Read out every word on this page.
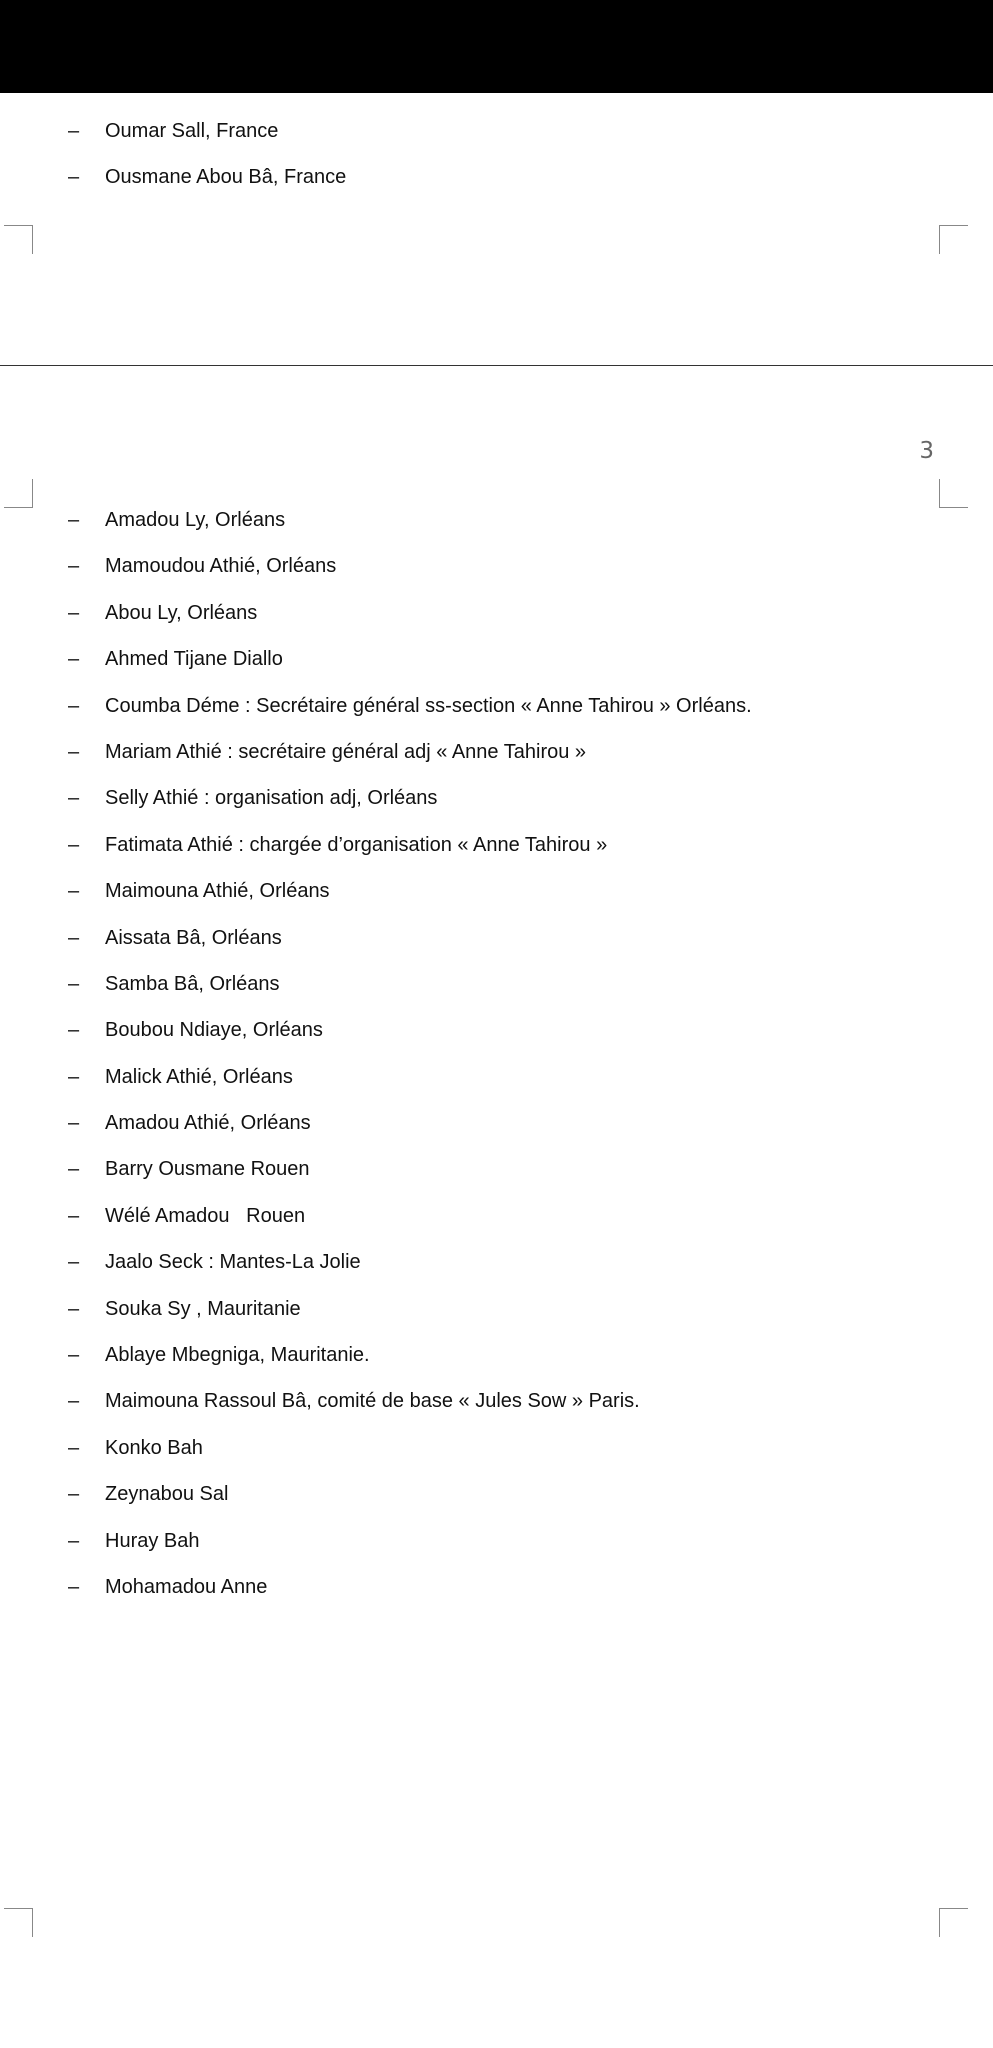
–

Oumar Sall, France

–

Ousmane Abou Bâ, France

3
– Amadou Ly, Orléans
– Mamoudou Athié, Orléans
– Abou Ly, Orléans
– Ahmed Tijane Diallo
– Coumba Déme : Secrétaire général ss-section « Anne Tahirou » Orléans.
– Mariam Athié : secrétaire général adj « Anne Tahirou »
– Selly Athié : organisation adj, Orléans
– Fatimata Athié : chargée d’organisation « Anne Tahirou »
– Maimouna Athié, Orléans
– Aissata Bâ, Orléans
– Samba Bâ, Orléans
– Boubou Ndiaye, Orléans
– Malick Athié, Orléans
– Amadou Athié, Orléans
– Barry Ousmane Rouen
– Wélé Amadou   Rouen
– Jaalo Seck : Mantes-La Jolie
– Souka Sy , Mauritanie
– Ablaye Mbegniga, Mauritanie.
– Maimouna Rassoul Bâ, comité de base « Jules Sow » Paris.
– Konko Bah
– Zeynabou Sal
– Huray Bah
– Mohamadou Anne
